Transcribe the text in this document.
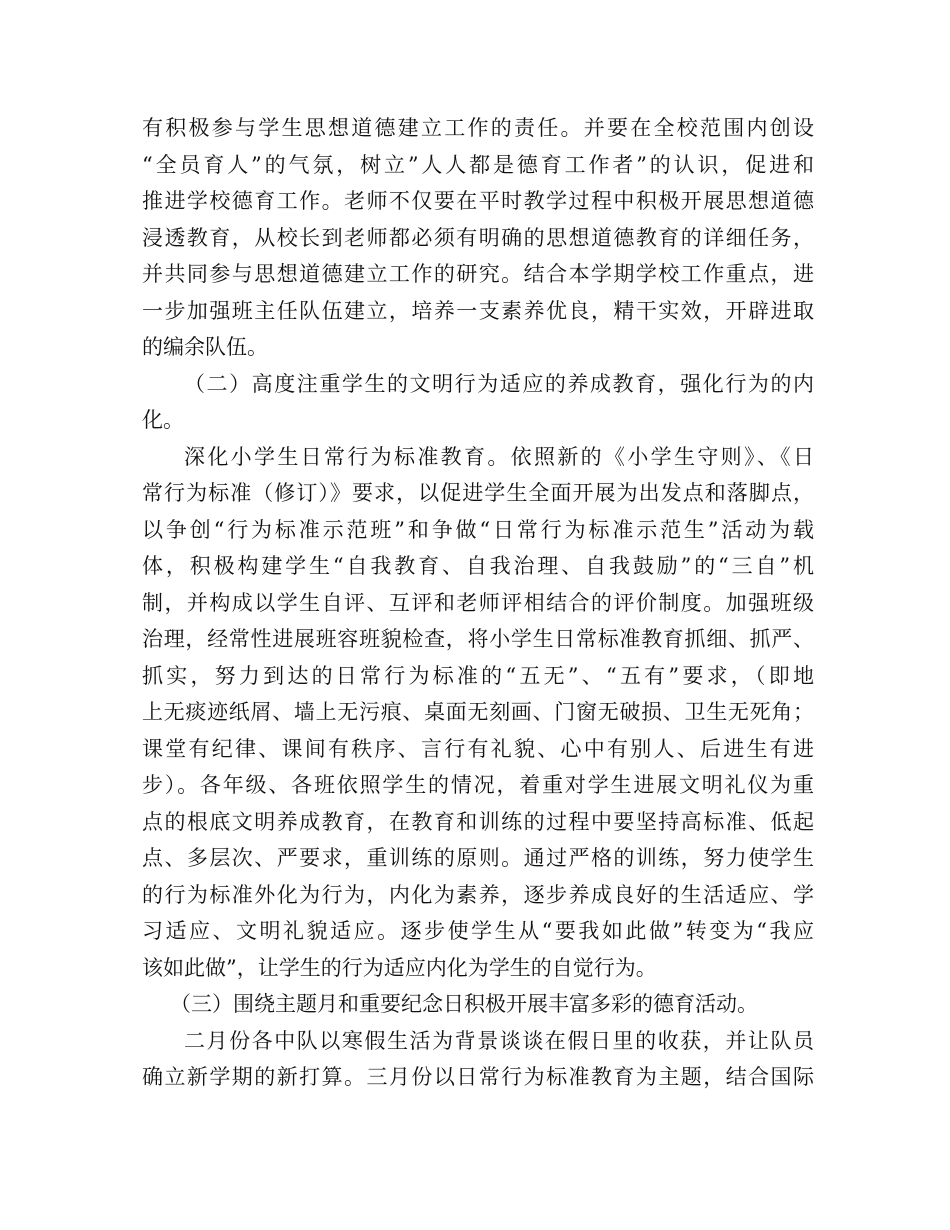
有积极参与学生思想道德建立工作的责任。并要在全校范围内创设
“全员育人”的气氛，树立”人人都是德育工作者”的认识，促进和
推进学校德育工作。老师不仅要在平时教学过程中积极开展思想道德
浸透教育，从校长到老师都必须有明确的思想道德教育的详细任务，
并共同参与思想道德建立工作的研究。结合本学期学校工作重点，进
一步加强班主任队伍建立，培养一支素养优良，精干实效，开辟进取
的编余队伍。
（二）高度注重学生的文明行为适应的养成教育，强化行为的内
化。
深化小学生日常行为标准教育。依照新的《小学生守则》、《日
常行为标准（修订）》要求，以促进学生全面开展为出发点和落脚点，
以争创“行为标准示范班”和争做“日常行为标准示范生”活动为载
体，积极构建学生“自我教育、自我治理、自我鼓励”的“三自”机
制，并构成以学生自评、互评和老师评相结合的评价制度。加强班级
治理，经常性进展班容班貌检查，将小学生日常标准教育抓细、抓严、
抓实，努力到达的日常行为标准的“五无”、“五有”要求，（即地
上无痰迹纸屑、墙上无污痕、桌面无刻画、门窗无破损、卫生无死角；
课堂有纪律、课间有秩序、言行有礼貌、心中有别人、后进生有进
步）。各年级、各班依照学生的情况，着重对学生进展文明礼仪为重
点的根底文明养成教育，在教育和训练的过程中要坚持高标准、低起
点、多层次、严要求，重训练的原则。通过严格的训练，努力使学生
的行为标准外化为行为，内化为素养，逐步养成良好的生活适应、学
习适应、文明礼貌适应。逐步使学生从“要我如此做”转变为“我应
该如此做”，让学生的行为适应内化为学生的自觉行为。
（三）围绕主题月和重要纪念日积极开展丰富多彩的德育活动。
二月份各中队以寒假生活为背景谈谈在假日里的收获，并让队员
确立新学期的新打算。三月份以日常行为标准教育为主题，结合国际
